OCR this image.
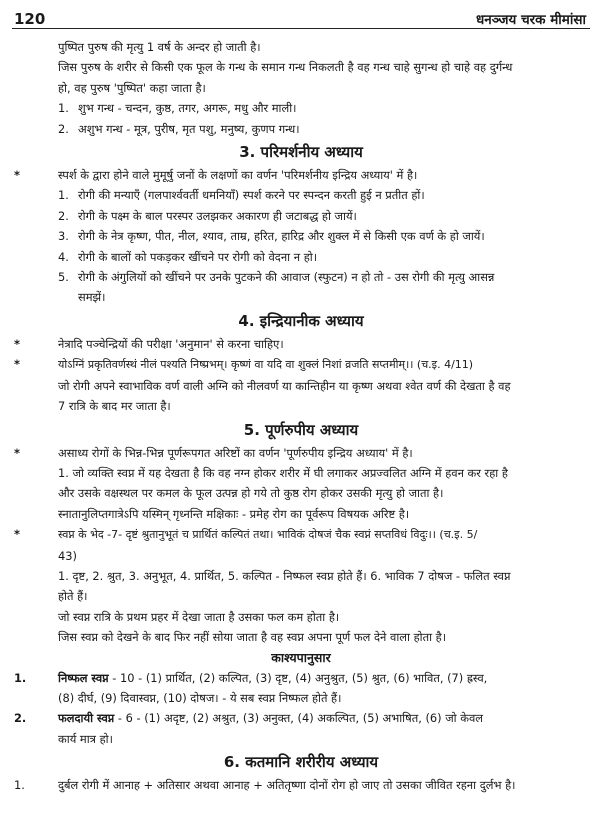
120	धनञ्जय चरक मीमांसा
पुष्पित पुरुष की मृत्यु 1 वर्ष के अन्दर हो जाती है।
जिस पुरुष के शरीर से किसी एक फूल के गन्ध के समान गन्ध निकलती है वह गन्ध चाहे सुगन्ध हो चाहे वह दुर्गन्ध
हो, वह पुरुष 'पुष्पित' कहा जाता है।
1. शुभ गन्ध - चन्दन, कुष्ठ, तगर, अगरू, मधु और माली।
2. अशुभ गन्ध - मूत्र, पुरीष, मृत पशु, मनुष्य, कुणप गन्ध।
3. परिमर्शनीय अध्याय
*	स्पर्श के द्वारा होने वाले मुमूर्षु जनों के लक्षणों का वर्णन 'परिमर्शनीय इन्द्रिय अध्याय' में है।
1. रोगी की मन्याएँ (गलपार्श्ववर्ती धमनियाँ) स्पर्श करने पर स्पन्दन करती हुई न प्रतीत हों।
2. रोगी के पक्ष्म के बाल परस्पर उलझकर अकारण ही जटाबद्ध हो जायें।
3. रोगी के नेत्र कृष्ण, पीत, नील, श्याव, ताम्र, हरित, हारिद्र और शुक्ल में से किसी एक वर्ण के हो जायें।
4. रोगी के बालों को पकड़कर खींचने पर रोगी को वेदना न हो।
5. रोगी के अंगुलियों को खींचने पर उनके पुटकने की आवाज (स्फुटन) न हो तो - उस रोगी की मृत्यु आसन्न
समझें।
4. इन्द्रियानीक अध्याय
*	नेत्रादि पञ्चेन्द्रियों की परीक्षा 'अनुमान' से करना चाहिए।
*	योऽग्निं प्रकृतिवर्णस्थं नीलं पश्यति निष्प्रभम्। कृष्णं वा यदि वा शुक्लं निशां व्रजति सप्तमीम्।। (च.इ. 4/11)
जो रोगी अपने स्वाभाविक वर्ण वाली अग्नि को नीलवर्ण या कान्तिहीन या कृष्ण अथवा श्वेत वर्ण की देखता है वह
7 रात्रि के बाद मर जाता है।
5. पूर्णरुपीय अध्याय
*	असाध्य रोगों के भिन्न-भिन्न पूर्णरूपगत अरिष्टों का वर्णन 'पूर्णरुपीय इन्द्रिय अध्याय' में है।
1. जो व्यक्ति स्वप्न में यह देखता है कि वह नग्न होकर शरीर में घी लगाकर अप्रज्वलित अग्नि में हवन कर रहा है
और उसके वक्षस्थल पर कमल के फूल उत्पन्न हो गये तो कुष्ठ रोग होकर उसकी मृत्यु हो जाता है।
स्नातानुलिप्तगात्रेऽपि यस्मिन् गृध्नन्ति मक्षिकाः - प्रमेह रोग का पूर्वरूप विषयक अरिष्ट है।
*	स्वप्न के भेद -7- दृष्टं श्रुतानुभूतं च प्रार्थितं कल्पितं तथा। भाविकं दोषजं चैक स्वप्नं सप्तविधं विदुः।। (च.इ. 5/
43)
1. दृष्ट, 2. श्रुत, 3. अनुभूत, 4. प्रार्थित, 5. कल्पित - निष्फल स्वप्न होते हैं। 6. भाविक 7 दोषज - फलित स्वप्न
होते हैं।
जो स्वप्न रात्रि के प्रथम प्रहर में देखा जाता है उसका फल कम होता है।
जिस स्वप्न को देखने के बाद फिर नहीं सोया जाता है वह स्वप्न अपना पूर्ण फल देने वाला होता है।
काश्यपानुसार
1.	निष्फल स्वप्न - 10 - (1) प्रार्थित, (2) कल्पित, (3) दृष्ट, (4) अनुश्रुत, (5) श्रुत, (6) भावित, (7) ह्रस्व,
(8) दीर्घ, (9) दिवास्वप्न, (10) दोषज। - ये सब स्वप्न निष्फल होते हैं।
2.	फलदायी स्वप्न - 6 - (1) अदृष्ट, (2) अश्रुत, (3) अनुक्त, (4) अकल्पित, (5) अभाषित, (6) जो केवल
कार्य मात्र हो।
6. कतमानि शरीरीय अध्याय
1.	दुर्बल रोगी में आनाह + अतिसार अथवा आनाह + अतितृष्णा दोनों रोग हो जाए तो उसका जीवित रहना दुर्लभ है।
